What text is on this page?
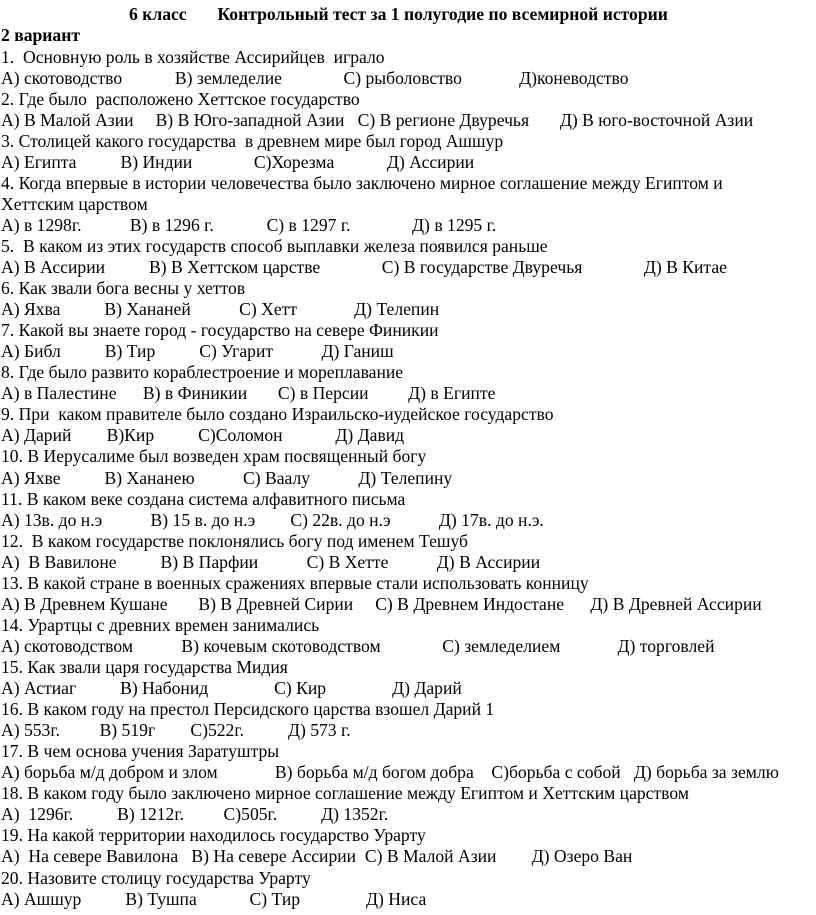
6 класс       Контрольный тест за 1 полугодие по всемирной истории
2 вариант
1.  Основную роль в хозяйстве Ассирийцев  играло
А) скотоводство            В) земледелие              С) рыболовство             Д)коневодство
2. Где было  расположено Хеттское государство
А) В Малой Азии     В) В Юго-западной Азии   С) В регионе Двуречья       Д) В юго-восточной Азии
3. Столицей какого государства  в древнем мире был город Ашшур
А) Египта          В) Индии              С)Хорезма            Д) Ассирии
4. Когда впервые в истории человечества было заключено мирное соглашение между Египтом и
Хеттским царством
А) в 1298г.           В) в 1296 г.            С) в 1297 г.              Д) в 1295 г.
5.  В каком из этих государств способ выплавки железа появился раньше
А) В Ассирии          В) В Хеттском царстве              С) В государстве Двуречья              Д) В Китае
6. Как звали бога весны у хеттов
А) Яхва          В) Хананей           С) Хетт             Д) Телепин
7. Какой вы знаете город - государство на севере Финикии
А) Библ          В) Тир          С) Угарит           Д) Ганиш
8. Где было развито кораблестроение и мореплавание
А) в Палестине      В) в Финикии       С) в Персии         Д) в Египте
9. При  каком правителе было создано Израильско-иудейское государство
А) Дарий        В)Кир          С)Соломон            Д) Давид
10. В Иерусалиме был возведен храм посвященный богу
А) Яхве          В) Хананею           С) Ваалу           Д) Телепину
11. В каком веке создана система алфавитного письма
А) 13в. до н.э           В) 15 в. до н.э        С) 22в. до н.э           Д) 17в. до н.э.
12.  В каком государстве поклонялись богу под именем Тешуб
А)  В Вавилоне          В) В Парфии           С) В Хетте           Д) В Ассирии
13. В какой стране в военных сражениях впервые стали использовать конницу
А) В Древнем Кушане       В) В Древней Сирии     С) В Древнем Индостане      Д) В Древней Ассирии
14. Урартцы с древних времен занимались
А) скотоводством           В) кочевым скотоводством              С) земледелием             Д) торговлей
15. Как звали царя государства Мидия
А) Астиаг          В) Набонид               С) Кир               Д) Дарий
16. В каком году на престол Персидского царства взошел Дарий 1
А) 553г.         В) 519г        С)522г.          Д) 573 г.
17. В чем основа учения Заратуштры
А) борьба м/д добром и злом             В) борьба м/д богом добра    С)борьба с собой   Д) борьба за землю
18. В каком году было заключено мирное соглашение между Египтом и Хеттским царством
А)  1296г.          В) 1212г.         С)505г.          Д) 1352г.
19. На какой территории находилось государство Урарту
А)  На севере Вавилона   В) На севере Ассирии  С) В Малой Азии        Д) Озеро Ван
20. Назовите столицу государства Урарту
А) Ашшур          В) Тушпа            С) Тир               Д) Ниса
